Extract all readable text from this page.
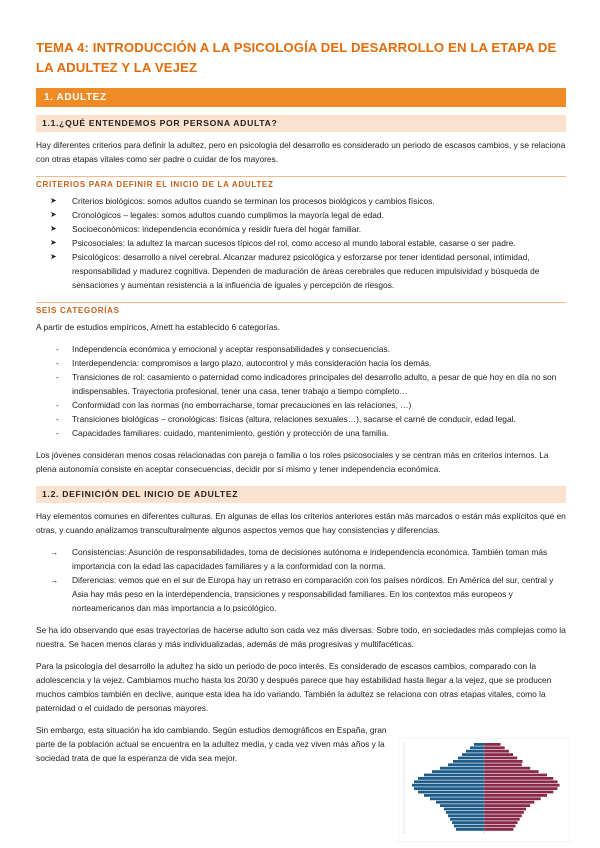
TEMA 4: INTRODUCCIÓN A LA PSICOLOGÍA DEL DESARROLLO EN LA ETAPA DE LA ADULTEZ Y LA VEJEZ
1. ADULTEZ
1.1.¿QUÉ ENTENDEMOS POR PERSONA ADULTA?

Hay diferentes criterios para definir la adultez, pero en psicología del desarrollo es considerado un periodo de escasos cambios, y se relaciona con otras etapas vitales como ser padre o cuidar de los mayores.

CRITERIOS PARA DEFINIR EL INICIO DE LA ADULTEZ
➤ Criterios biológicos: somos adultos cuando se terminan los procesos biológicos y cambios físicos.
➤ Cronológicos – legales: somos adultos cuando cumplimos la mayoría legal de edad.
➤ Socioeconómicos: independencia económica y residir fuera del hogar familiar.
➤ Psicosociales: la adultez la marcan sucesos típicos del rol, como acceso al mundo laboral estable, casarse o ser padre.
➤ Psicológicos: desarrollo a nivel cerebral. Alcanzar madurez psicológica y esforzarse por tener identidad personal, intimidad, responsabilidad y madurez cognitiva. Dependen de maduración de áreas cerebrales que reducen impulsividad y búsqueda de sensaciones y aumentan resistencia a la influencia de iguales y percepción de riesgos.
SEIS CATEGORÍAS

A partir de estudios empíricos, Arnett ha establecido 6 categorías.

- Independencia económica y emocional y aceptar responsabilidades y consecuencias.
- Interdependencia: compromisos a largo plazo, autocontrol y más consideración hacia los demás.
- Transiciones de rol: casamiento o paternidad como indicadores principales del desarrollo adulto, a pesar de que hoy en día no son indispensables. Trayectoria profesional, tener una casa, tener trabajo a tiempo completo…
- Conformidad con las normas (no emborracharse, tomar precauciones en las relaciones, …)
- Transiciones biológicas – cronológicas: físicas (altura, relaciones sexuales…), sacarse el carné de conducir, edad legal.
- Capacidades familiares: cuidado, mantenimiento, gestión y protección de una familia.

Los jóvenes consideran menos cosas relacionadas con pareja o familia o los roles psicosociales y se centran más en criterios internos. La plena autonomía consiste en aceptar consecuencias, decidir por sí mismo y tener independencia económica.

1.2. DEFINICIÓN DEL INICIO DE ADULTEZ

Hay elementos comunes en diferentes culturas. En algunas de ellas los criterios anteriores están más marcados o están más explícitos que en otras, y cuando analizamos transculturalmente algunos aspectos vemos que hay consistencias y diferencias.

→ Consistencias: Asunción de responsabilidades, toma de decisiones autónoma e independencia económica. También toman más importancia con la edad las capacidades familiares y a la conformidad con la norma.
→ Diferencias: vemos que en el sur de Europa hay un retraso en comparación con los países nórdicos. En América del sur, central y Asia hay más peso en la interdependencia, transiciones y responsabilidad familiares. En los contextos más europeos y norteamericanos dan más importancia a lo psicológico.

Se ha ido observando que esas trayectorias de hacerse adulto son cada vez más diversas. Sobre todo, en sociedades más complejas como la nuestra. Se hacen menos claras y más individualizadas, además de más progresivas y multifacéticas.

Para la psicología del desarrollo la adultez ha sido un periodo de poco interés. Es considerado de escasos cambios, comparado con la adolescencia y la vejez. Cambiamos mucho hasta los 20/30 y después parece que hay estabilidad hasta llegar a la vejez, que se producen muchos cambios también en declive, aunque esta idea ha ido variando. También la adultez se relaciona con otras etapas vitales, como la paternidad o el cuidado de personas mayores.

Sin embargo, esta situación ha ido cambiando. Según estudios demográficos en España, gran parte de la población actual se encuentra en la adultez media, y cada vez viven más años y la sociedad trata de que la esperanza de vida sea mejor.
